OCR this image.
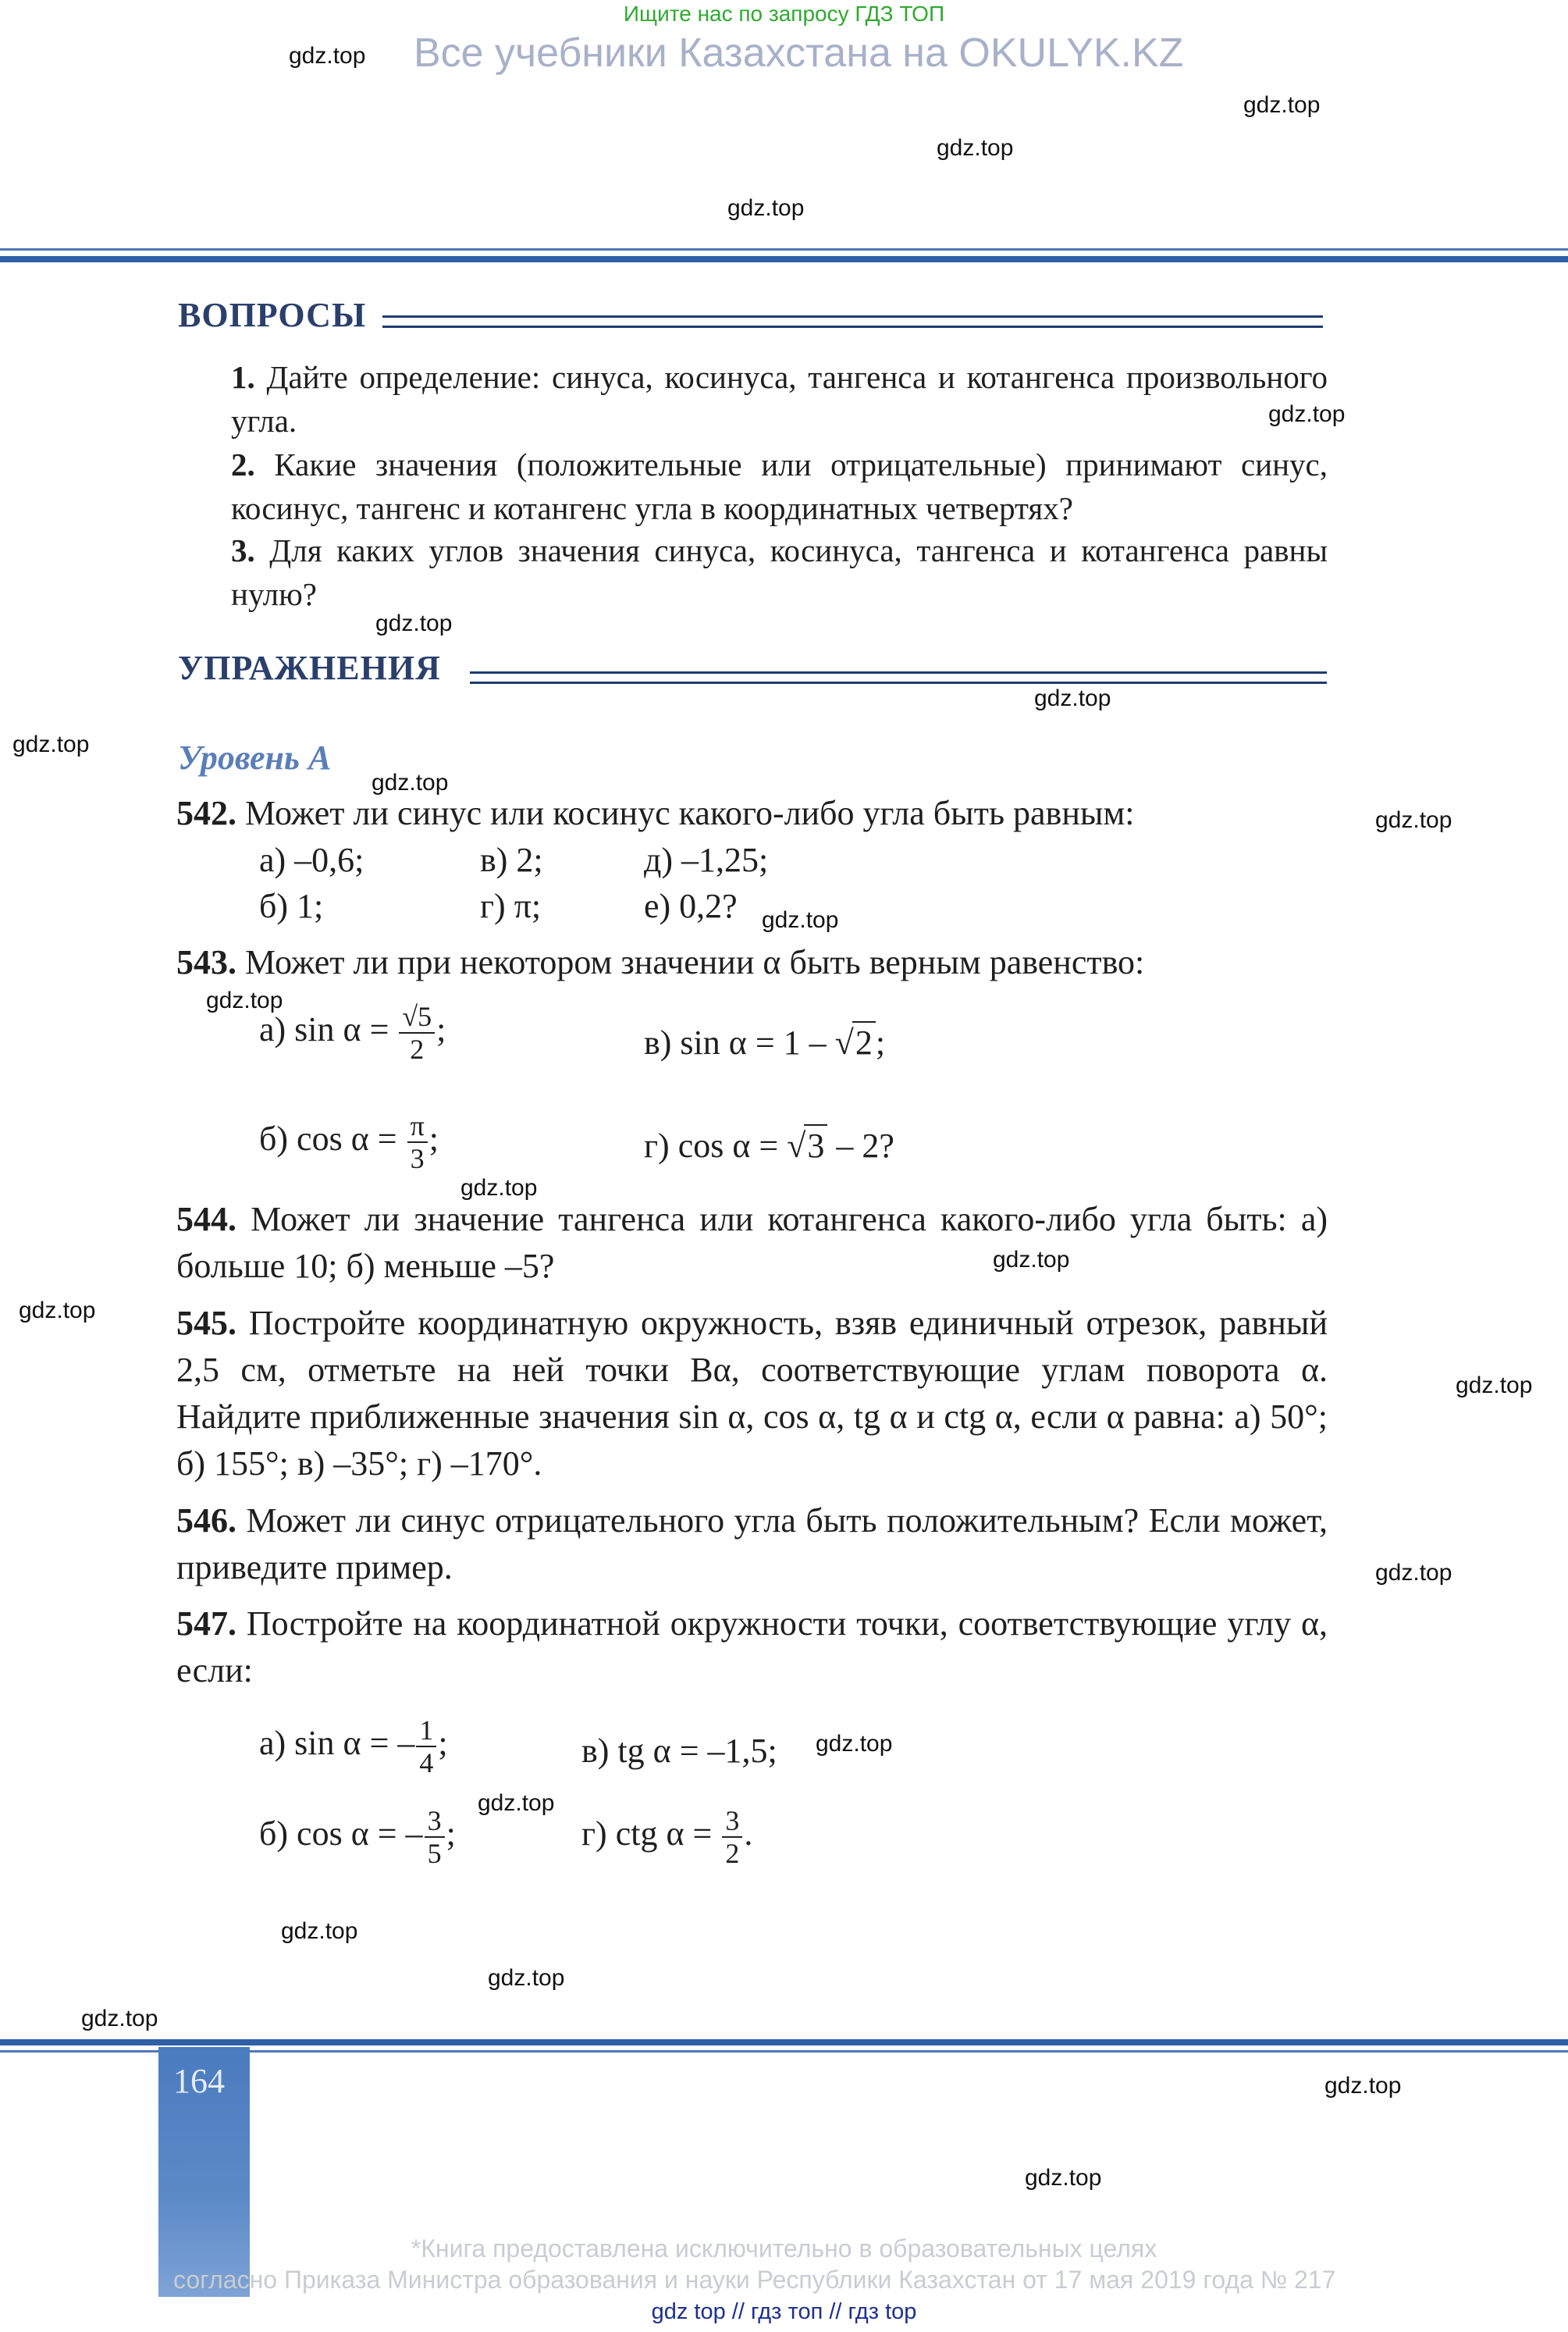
Ищите нас по запросу ГДЗ ТОП
Все учебники Казахстана на OKULYK.KZ
ВОПРОСЫ
1. Дайте определение: синуса, косинуса, тангенса и котангенса произвольного угла.
2. Какие значения (положительные или отрицательные) принимают синус, косинус, тангенс и котангенс угла в координатных четвертях?
3. Для каких углов значения синуса, косинуса, тангенса и котангенса равны нулю?
УПРАЖНЕНИЯ
Уровень А
542. Может ли синус или косинус какого-либо угла быть равным:
а) –0,6;	в) 2;	д) –1,25;
б) 1;	г) π;	е) 0,2?
543. Может ли при некотором значении α быть верным равенство:
а) $\sin \alpha = \frac{√5}{2}$ ;	в) sin α = 1 – √2;
б) $\cos \alpha = \frac{\pi}{3}$ ;	г) cos α = √3 – 2?
544. Может ли значение тангенса или котангенса какого-либо угла быть: а) больше 10; б) меньше –5?
545. Постройте координатную окружность, взяв единичный отрезок, равный 2,5 см, отметьте на ней точки Bα, соответствующие углам поворота α. Найдите приближенные значения sin α, cos α, tg α и ctg α, если α равна: а) 50°; б) 155°; в) –35°; г) –170°.
546. Может ли синус отрицательного угла быть положительным? Если может, приведите пример.
547. Постройте на координатной окружности точки, соответствующие углу α, если:
а) sin α = – $\frac{1}{4}$ ;	в) tg α = –1,5;
б) cos α = – $\frac{3}{5}$ ;	г) ctg $\alpha = \frac{3}{2}$ .
164
*Книга предоставлена исключительно в образовательных целях
согласно Приказа Министра образования и науки Республики Казахстан от 17 мая 2019 года № 217
gdz top // гдз топ // гдз top
gdz.top
gdz.top
gdz.top
gdz.top
gdz.top
gdz.top
gdz.top
gdz.top
gdz.top
gdz.top
gdz.top
gdz.top
gdz.top
gdz.top
gdz.top
gdz.top
gdz.top
gdz.top
gdz.top
gdz.top
gdz.top
gdz.top
gdz.top
gdz.top
